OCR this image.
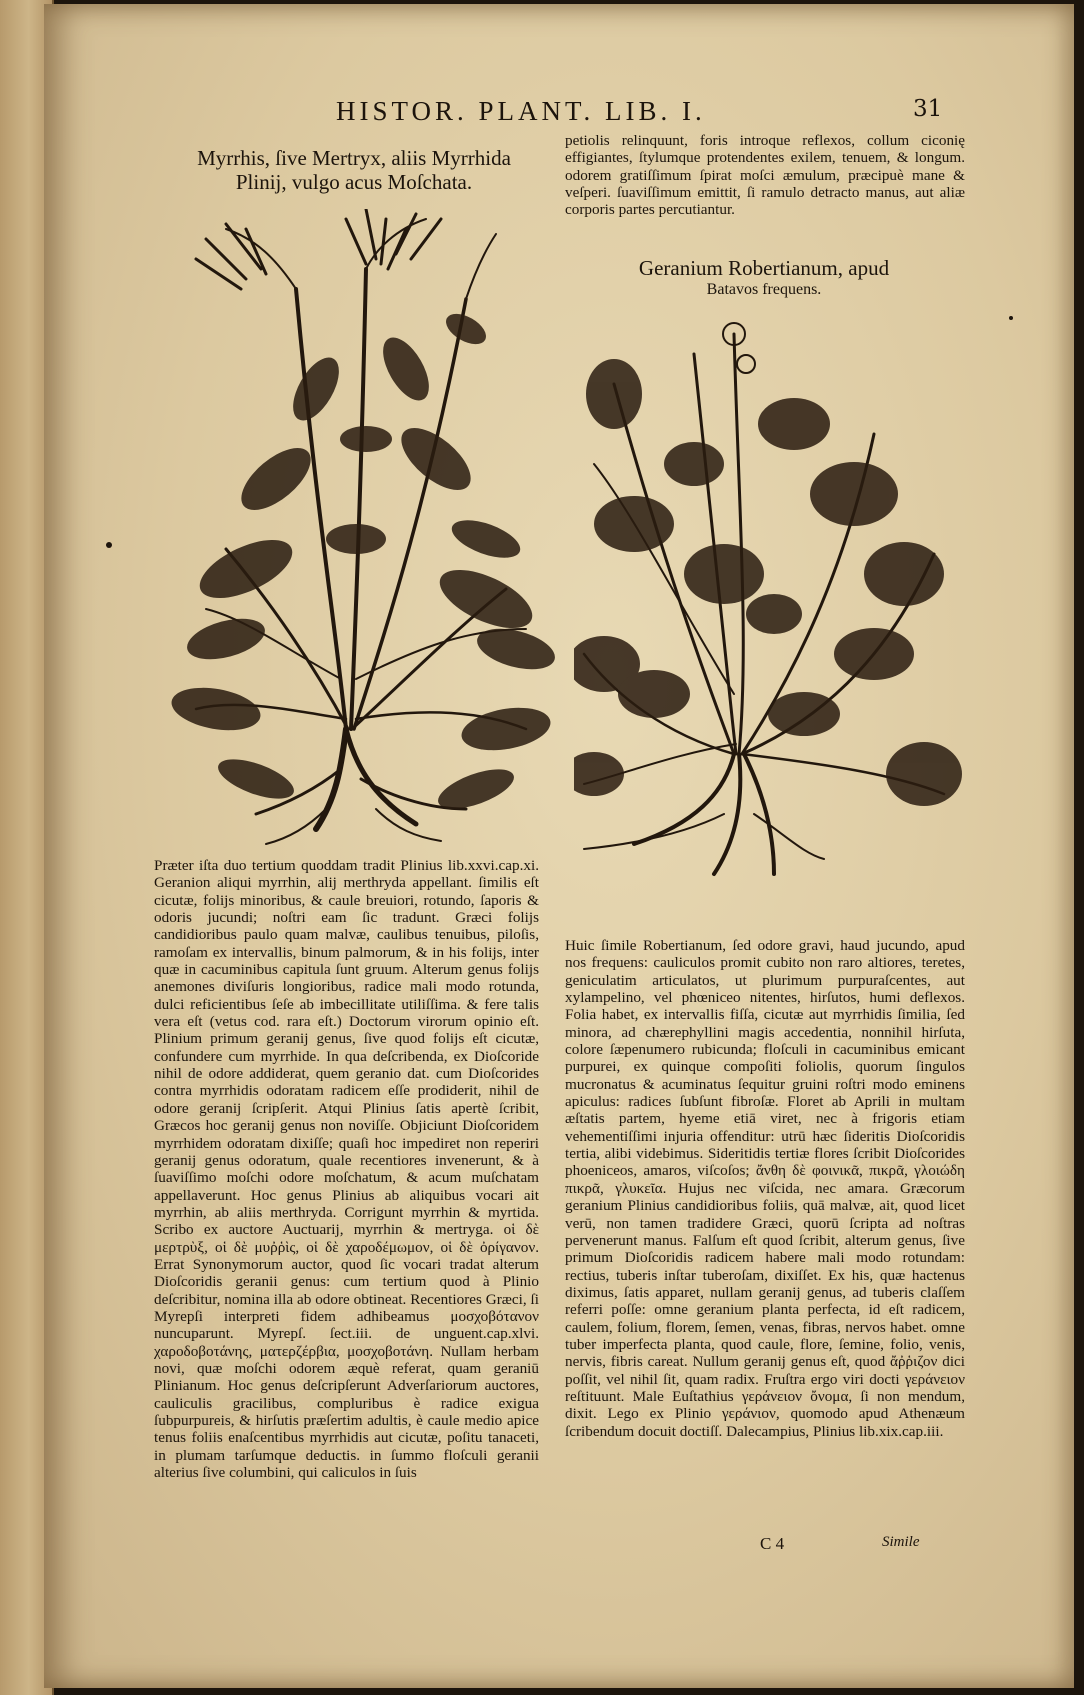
HISTOR. PLANT. LIB. I.	31
Myrrhis, ſive Mertryx, aliis Myrrhida
Plinij, vulgo acus Moſchata.

Præter iſta duo tertium quoddam tradit Plinius lib.xxvi.cap.xi. Geranion aliqui myrrhin, alij merthryda appellant. ſimilis eſt cicutæ, folijs minoribus, & caule breuiori, rotundo, ſaporis & odoris jucundi; noſtri eam ſic tradunt. Græci folijs candidioribus paulo quam malvæ, caulibus tenuibus, piloſis, ramoſam ex intervallis, binum palmorum, & in his folijs, inter quæ in cacuminibus capitula ſunt gruum. Alterum genus folijs anemones diviſuris longioribus, radice mali modo rotunda, dulci reficientibus ſeſe ab imbecillitate utiliſſima. & fere talis vera eſt (vetus cod. rara eſt.) Doctorum virorum opinio eſt. Plinium primum geranij genus, ſive quod folijs eſt cicutæ, confundere cum myrrhide. In qua deſcribenda, ex Dioſcoride nihil de odore addiderat, quem geranio dat. cum Dioſcorides contra myrrhidis odoratam radicem eſſe prodiderit, nihil de odore geranij ſcripſerit. Atqui Plinius ſatis apertè ſcribit, Græcos hoc geranij genus non noviſſe. Objiciunt Dioſcoridem myrrhidem odoratam dixiſſe; quaſi hoc impediret non reperiri geranij genus odoratum, quale recentiores invenerunt, & à ſuaviſſimo moſchi odore moſchatum, & acum muſchatam appellaverunt. Hoc genus Plinius ab aliquibus vocari ait myrrhin, ab aliis merthryda. Corrigunt myrrhin & myrtida. Scribo ex auctore Auctuarij, myrrhin & mertryga. οἱ δὲ μερτρὺξ, οἱ δὲ μυῤῥὶς, οἱ δὲ χαροδέμωμον, οἱ δὲ ὀρίγανον. Errat Synonymorum auctor, quod ſic vocari tradat alterum Dioſcoridis geranii genus: cum tertium quod à Plinio deſcribitur, nomina illa ab odore obtineat. Recentiores Græci, ſi Myrepſi interpreti fidem adhibeamus μοσχοβότανον nuncuparunt. Myrepſ. ſect.iii. de unguent.cap.xlvi. χαροδοβοτάνης, ματερζέρβια, μοσχοβοτάνη. Nullam herbam novi, quæ moſchi odorem æquè referat, quam geraniū Plinianum. Hoc genus deſcripſerunt Adverſariorum auctores, cauliculis gracilibus, compluribus è radice exigua ſubpurpureis, & hirſutis præſertim adultis, è caule medio apice tenus foliis enaſcentibus myrrhidis aut cicutæ, poſitu tanaceti, in plumam tarſumque deductis. in ſummo floſculi geranii alterius ſive columbini, qui caliculos in ſuis

petiolis relinquunt, foris introque reflexos, collum ciconię effigiantes, ſtylumque protendentes exilem, tenuem, & longum. odorem gratiſſimum ſpirat moſci æmulum, præcipuè mane & veſperi. ſuaviſſimum emittit, ſi ramulo detracto manus, aut aliæ corporis partes percutiantur.

Geranium Robertianum, apud
Batavos frequens.

Huic ſimile Robertianum, ſed odore gravi, haud jucundo, apud nos frequens: cauliculos promit cubito non raro altiores, teretes, geniculatim articulatos, ut plurimum purpuraſcentes, aut xylampelino, vel phœniceo nitentes, hirſutos, humi deflexos. Folia habet, ex intervallis fiſſa, cicutæ aut myrrhidis ſimilia, ſed minora, ad chærephyllini magis accedentia, nonnihil hirſuta, colore ſæpenumero rubicunda; floſculi in cacuminibus emicant purpurei, ex quinque compoſiti foliolis, quorum ſingulos mucronatus & acuminatus ſequitur gruini roſtri modo eminens apiculus: radices ſubſunt fibroſæ. Floret ab Aprili in multam æſtatis partem, hyeme etiā viret, nec à frigoris etiam vehementiſſimi injuria offenditur: utrū hæc ſideritis Dioſcoridis tertia, alibi videbimus. Sideritidis tertiæ flores ſcribit Dioſcorides phoeniceos, amaros, viſcoſos; ἄνθη δὲ φοινικᾶ, πικρᾶ, γλοιώδη πικρᾶ, γλυκεῖα. Hujus nec viſcida, nec amara. Græcorum geranium Plinius candidioribus foliis, quā malvæ, ait, quod licet verū, non tamen tradidere Græci, quorū ſcripta ad noſtras pervenerunt manus. Falſum eſt quod ſcribit, alterum genus, ſive primum Dioſcoridis radicem habere mali modo rotundam: rectius, tuberis inſtar tuberoſam, dixiſſet. Ex his, quæ hactenus diximus, ſatis apparet, nullam geranij genus, ad tuberis claſſem referri poſſe: omne geranium planta perfecta, id eſt radicem, caulem, folium, florem, ſemen, venas, fibras, nervos habet. omne tuber imperfecta planta, quod caule, flore, ſemine, folio, venis, nervis, fibris careat. Nullum geranij genus eſt, quod ἄῤῥιζον dici poſſit, vel nihil ſit, quam radix. Fruſtra ergo viri docti γεράνειον reſtituunt. Male Euſtathius γεράνειον ὄνομα, ſi non mendum, dixit. Lego ex Plinio γεράνιον, quomodo apud Athenæum ſcribendum docuit doctiſſ. Dalecampius, Plinius lib.xix.cap.iii.

C 4	Simile
